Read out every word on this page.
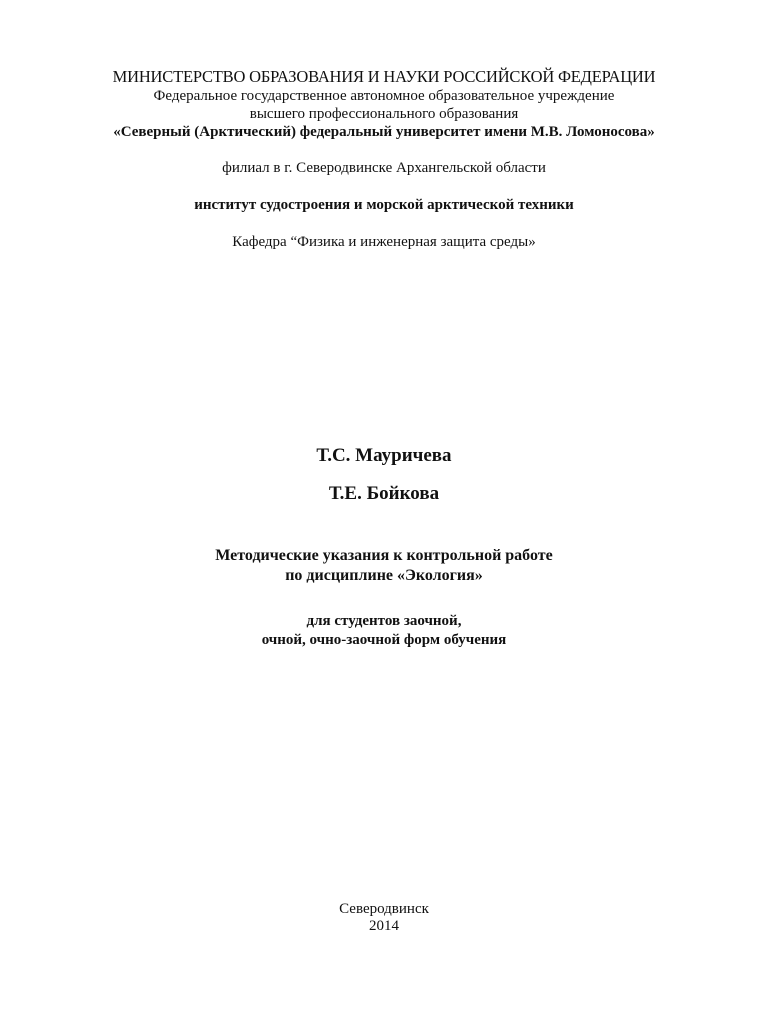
МИНИСТЕРСТВО ОБРАЗОВАНИЯ И НАУКИ РОССИЙСКОЙ ФЕДЕРАЦИИ
Федеральное государственное автономное образовательное учреждение
высшего профессионального образования
«Северный (Арктический) федеральный университет имени М.В. Ломоносова»
филиал в г. Северодвинске Архангельской области
институт судостроения и морской арктической техники
Кафедра “Физика и инженерная защита среды»
Т.С. Мауричева
Т.Е. Бойкова
Методические указания к контрольной работе
по дисциплине «Экология»
для студентов заочной,
очной, очно-заочной форм обучения
Северодвинск
2014
